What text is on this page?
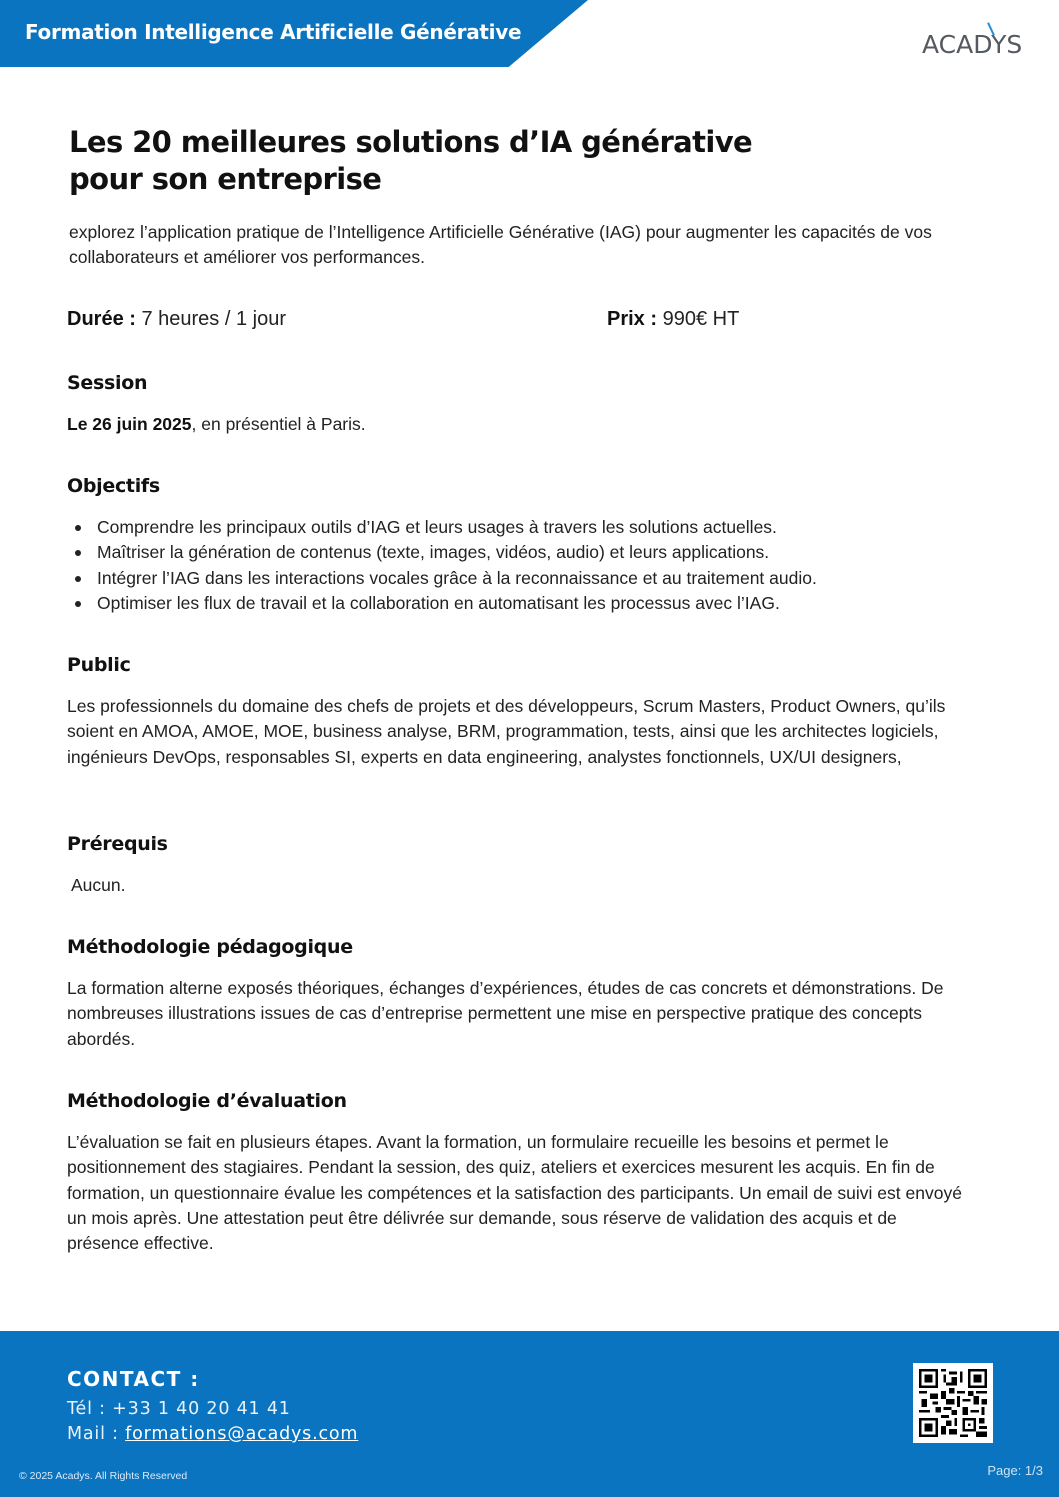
Formation Intelligence Artificielle Générative	ACADYS
Les 20 meilleures solutions d’IA générative pour son entreprise

explorez l’application pratique de l’Intelligence Artificielle Générative (IAG) pour augmenter les capacités de vos collaborateurs et améliorer vos performances.

Durée : 7 heures / 1 jour	Prix : 990€ HT
Session

Le 26 juin 2025, en présentiel à Paris.

Objectifs
Comprendre les principaux outils d’IAG et leurs usages à travers les solutions actuelles.
Maîtriser la génération de contenus (texte, images, vidéos, audio) et leurs applications.
Intégrer l’IAG dans les interactions vocales grâce à la reconnaissance et au traitement audio.
Optimiser les flux de travail et la collaboration en automatisant les processus avec l’IAG.
Public

Les professionnels du domaine des chefs de projets et des développeurs, Scrum Masters, Product Owners, qu’ils soient en AMOA, AMOE, MOE, business analyse, BRM, programmation, tests, ainsi que les architectes logiciels, ingénieurs DevOps, responsables SI, experts en data engineering, analystes fonctionnels, UX/UI designers,

Prérequis

Aucun.

Méthodologie pédagogique

La formation alterne exposés théoriques, échanges d’expériences, études de cas concrets et démonstrations. De nombreuses illustrations issues de cas d’entreprise permettent une mise en perspective pratique des concepts abordés.

Méthodologie d’évaluation

L’évaluation se fait en plusieurs étapes. Avant la formation, un formulaire recueille les besoins et permet le positionnement des stagiaires. Pendant la session, des quiz, ateliers et exercices mesurent les acquis. En fin de formation, un questionnaire évalue les compétences et la satisfaction des participants. Un email de suivi est envoyé un mois après. Une attestation peut être délivrée sur demande, sous réserve de validation des acquis et de présence effective.

CONTACT :
Tél : +33 1 40 20 41 41
Mail : formations@acadys.com
© 2025 Acadys. All Rights Reserved	Page: 1/3
